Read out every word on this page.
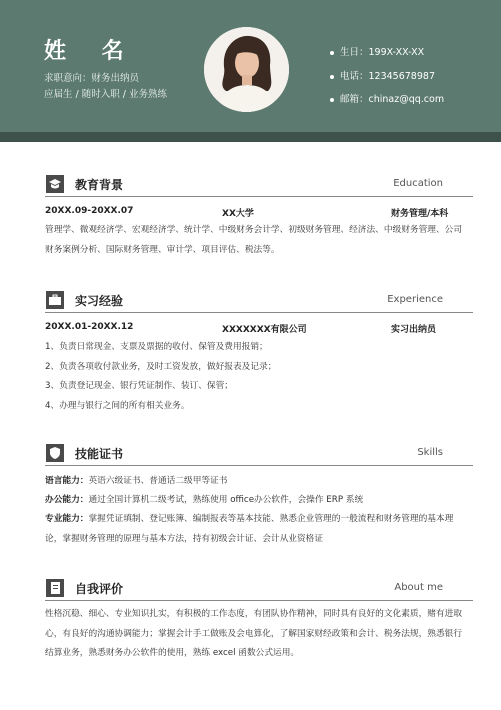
姓 名
求职意向：财务出纳员
应届生 / 随时入职 / 业务熟练
生日：199X-XX-XX
电话：12345678987
邮箱：chinaz@qq.com
教育背景	Education
20XX.09-20XX.07	XX大学	财务管理/本科
管理学、微观经济学、宏观经济学、统计学、中级财务会计学、初级财务管理、经济法、中级财务管理、公司财务案例分析、国际财务管理、审计学、项目评估、税法等。
实习经验	Experience
20XX.01-20XX.12	XXXXXXX有限公司	实习出纳员
1、负责日常现金、支票及票据的收付、保管及费用报销；
2、负责各项收付款业务，及时工资发放，做好报表及记录；
3、负责登记现金、银行凭证制作、装订、保管；
4、办理与银行之间的所有相关业务。
技能证书	Skills
语言能力：英语六级证书、普通话二级甲等证书
办公能力：通过全国计算机二级考试，熟练使用 office办公软件，会操作 ERP 系统
专业能力：掌握凭证填制、登记账簿、编制报表等基本技能、熟悉企业管理的一般流程和财务管理的基本理论，掌握财务管理的原理与基本方法，持有初级会计证、会计从业资格证
自我评价	About me
性格沉稳、细心、专业知识扎实，有积极的工作态度，有团队协作精神，同时具有良好的文化素质，赌有进取心，有良好的沟通协调能力；掌握会计手工做账及会电算化，了解国家财经政策和会计、税务法规，熟悉银行结算业务，熟悉财务办公软件的使用，熟练 excel 函数公式运用。
